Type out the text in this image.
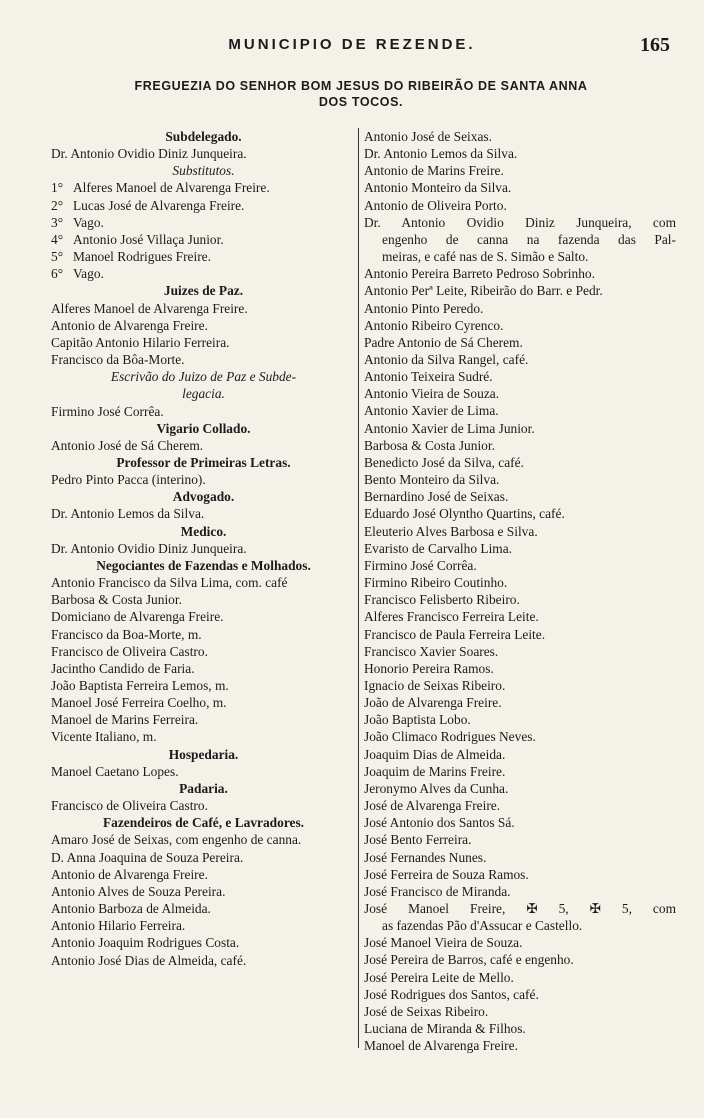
MUNICIPIO DE REZENDE.	165
FREGUEZIA DO SENHOR BOM JESUS DO RIBEIRÃO DE SANTA ANNA
DOS TOCOS.
Subdelegado.
Dr. Antonio Ovidio Diniz Junqueira.
Substitutos.
1° Alferes Manoel de Alvarenga Freire.
2° Lucas José de Alvarenga Freire.
3° Vago.
4° Antonio José Villaça Junior.
5° Manoel Rodrigues Freire.
6° Vago.
Juizes de Paz.
Alferes Manoel de Alvarenga Freire.
Antonio de Alvarenga Freire.
Capitão Antonio Hilario Ferreira.
Francisco da Bôa-Morte.
Escrivão do Juizo de Paz e Subde-
legacia.
Firmino José Corrêa.
Vigario Collado.
Antonio José de Sá Cherem.
Professor de Primeiras Letras.
Pedro Pinto Pacca (interino).
Advogado.
Dr. Antonio Lemos da Silva.
Medico.
Dr. Antonio Ovidio Diniz Junqueira.
Negociantes de Fazendas e Molhados.
Antonio Francisco da Silva Lima, com. café
Barbosa & Costa Junior.
Domiciano de Alvarenga Freire.
Francisco da Boa-Morte, m.
Francisco de Oliveira Castro.
Jacintho Candido de Faria.
João Baptista Ferreira Lemos, m.
Manoel José Ferreira Coelho, m.
Manoel de Marins Ferreira.
Vicente Italiano, m.
Hospedaria.
Manoel Caetano Lopes.
Padaria.
Francisco de Oliveira Castro.
Fazendeiros de Café, e Lavradores.
Amaro José de Seixas, com engenho de canna.
D. Anna Joaquina de Souza Pereira.
Antonio de Alvarenga Freire.
Antonio Alves de Souza Pereira.
Antonio Barboza de Almeida.
Antonio Hilario Ferreira.
Antonio Joaquim Rodrigues Costa.
Antonio José Dias de Almeida, café.
Antonio José de Seixas.
Dr. Antonio Lemos da Silva.
Antonio de Marins Freire.
Antonio Monteiro da Silva.
Antonio de Oliveira Porto.
Dr. Antonio Ovidio Diniz Junqueira, com
engenho de canna na fazenda das Pal-
meiras, e café nas de S. Simão e Salto.
Antonio Pereira Barreto Pedroso Sobrinho.
Antonio Perª Leite, Ribeirão do Barr. e Pedr.
Antonio Pinto Peredo.
Antonio Ribeiro Cyrenco.
Padre Antonio de Sá Cherem.
Antonio da Silva Rangel, café.
Antonio Teixeira Sudré.
Antonio Vieira de Souza.
Antonio Xavier de Lima.
Antonio Xavier de Lima Junior.
Barbosa & Costa Junior.
Benedicto José da Silva, café.
Bento Monteiro da Silva.
Bernardino José de Seixas.
Eduardo José Olyntho Quartins, café.
Eleuterio Alves Barbosa e Silva.
Evaristo de Carvalho Lima.
Firmino José Corrêa.
Firmino Ribeiro Coutinho.
Francisco Felisberto Ribeiro.
Alferes Francisco Ferreira Leite.
Francisco de Paula Ferreira Leite.
Francisco Xavier Soares.
Honorio Pereira Ramos.
Ignacio de Seixas Ribeiro.
João de Alvarenga Freire.
João Baptista Lobo.
João Climaco Rodrigues Neves.
Joaquim Dias de Almeida.
Joaquim de Marins Freire.
Jeronymo Alves da Cunha.
José de Alvarenga Freire.
José Antonio dos Santos Sá.
José Bento Ferreira.
José Fernandes Nunes.
José Ferreira de Souza Ramos.
José Francisco de Miranda.
José Manoel Freire, ✠ 5, ✠ 5, com
as fazendas Pão d'Assucar e Castello.
José Manoel Vieira de Souza.
José Pereira de Barros, café e engenho.
José Pereira Leite de Mello.
José Rodrigues dos Santos, café.
José de Seixas Ribeiro.
Luciana de Miranda & Filhos.
Manoel de Alvarenga Freire.
